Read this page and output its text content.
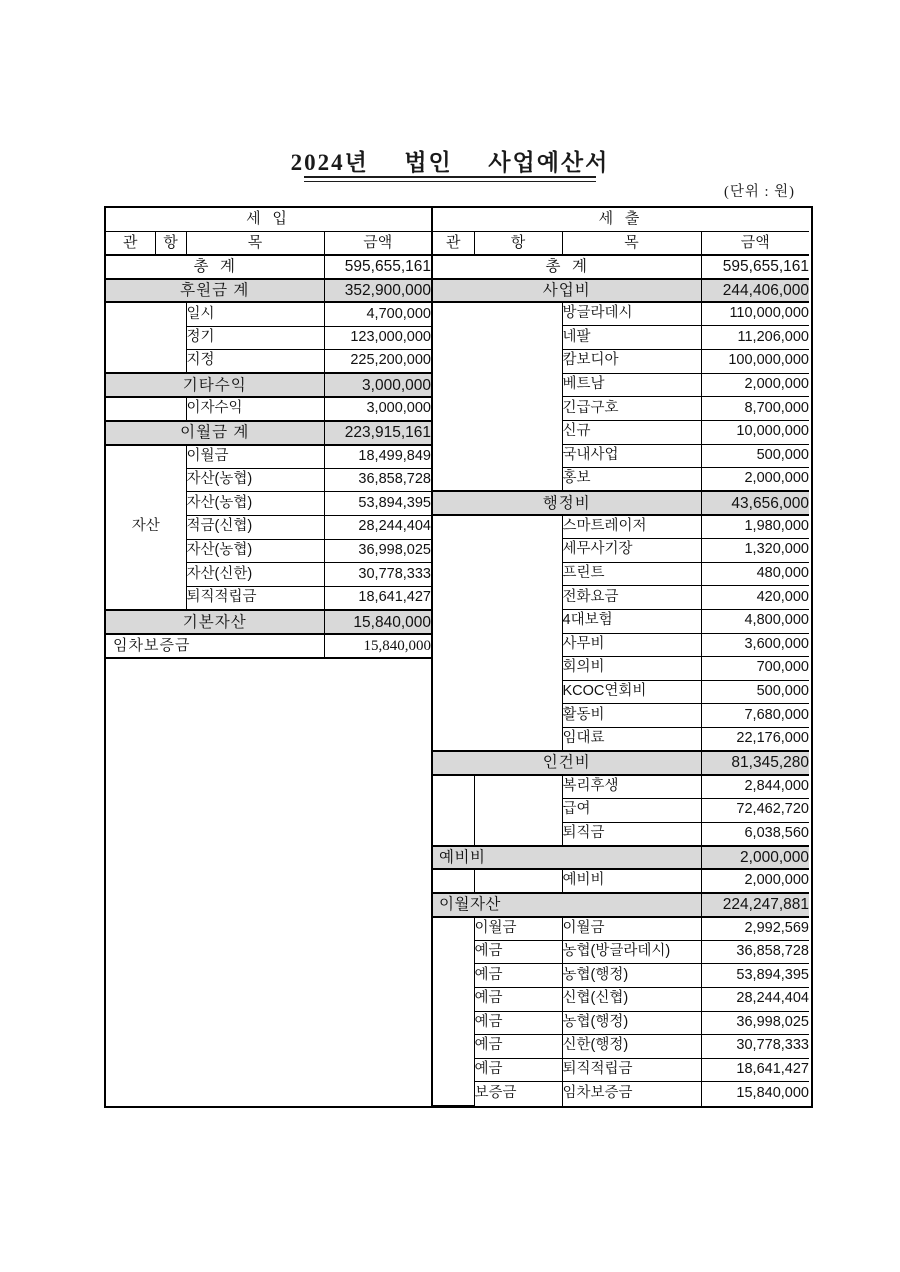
2024년  법인  사업예산서
(단위 : 원)
세 입			
관	항	목	금액
총  계			595,655,161
후원금 계			352,900,000
		일시	4,700,000
		정기	123,000,000
		지정	225,200,000
기타수익			3,000,000
		이자수익	3,000,000
이월금 계			223,915,161
자산		이월금	18,499,849
		자산(농협)	36,858,728
		자산(농협)	53,894,395
		적금(신협)	28,244,404
		자산(농협)	36,998,025
		자산(신한)	30,778,333
		퇴직적립금	18,641,427
기본자산			15,840,000
임차보증금			15,840,000

세 출			
관	항	목	금액
총  계			595,655,161
사업비			244,406,000
		방글라데시	110,000,000
		네팔	11,206,000
		캄보디아	100,000,000
		베트남	2,000,000
		긴급구호	8,700,000
		신규	10,000,000
		국내사업	500,000
		홍보	2,000,000
행정비			43,656,000
		스마트레이저	1,980,000
		세무사기장	1,320,000
		프린트	480,000
		전화요금	420,000
		4대보험	4,800,000
		사무비	3,600,000
		회의비	700,000
		KCOC연회비	500,000
		활동비	7,680,000
		임대료	22,176,000
인건비			81,345,280
		복리후생	2,844,000
		급여	72,462,720
		퇴직금	6,038,560
예비비			2,000,000
		예비비	2,000,000
이월자산			224,247,881
	이월금	이월금	2,992,569
	예금	농협(방글라데시)	36,858,728
	예금	농협(행정)	53,894,395
	예금	신협(신협)	28,244,404
	예금	농협(행정)	36,998,025
	예금	신한(행정)	30,778,333
	예금	퇴직적립금	18,641,427
	보증금	임차보증금	15,840,000
